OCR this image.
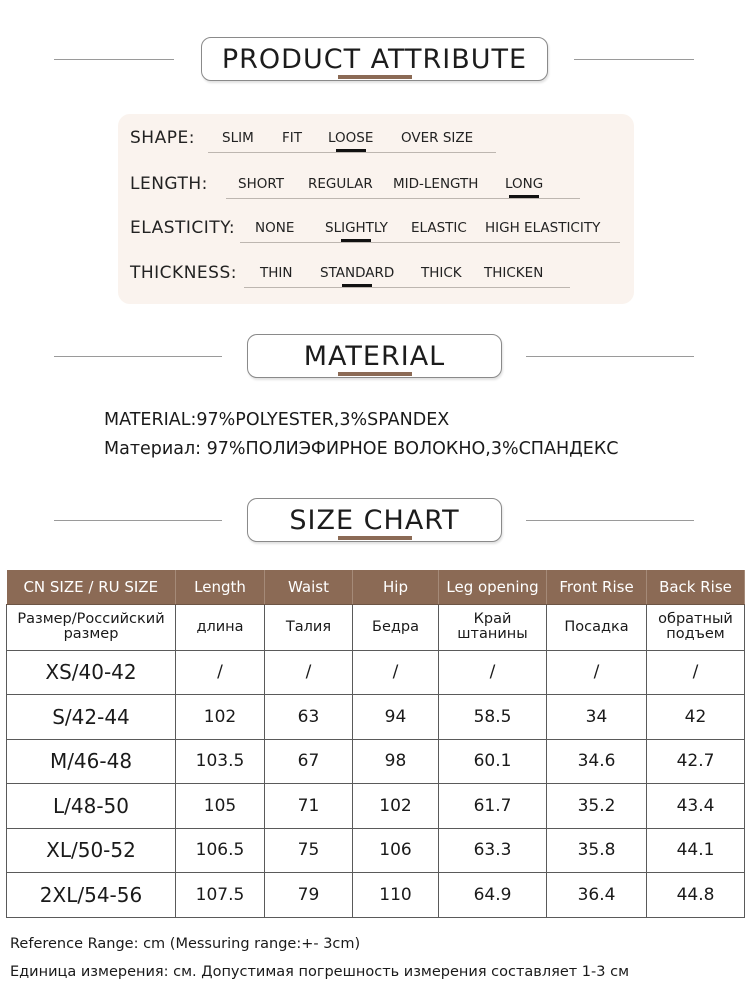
PRODUCT ATTRIBUTE
SHAPE: SLIM FIT LOOSE OVER SIZE
LENGTH: SHORT REGULAR MID-LENGTH LONG
ELASTICITY: NONE SLIGHTLY ELASTIC HIGH ELASTICITY
THICKNESS: THIN STANDARD THICK THICKEN
MATERIAL
MATERIAL:97%POLYESTER,3%SPANDEX
Материал: 97%ПОЛИЭФИРНОЕ ВОЛОКНО,3%СПАНДЕКС
SIZE CHART
CN SIZE / RU SIZE	Length	Waist	Hip	Leg opening	Front Rise	Back Rise
Размер/Российский размер	длина	Талия	Бедра	Край штанины	Посадка	обратный подъем
XS/40-42	/	/	/	/	/	/
S/42-44	102	63	94	58.5	34	42
M/46-48	103.5	67	98	60.1	34.6	42.7
L/48-50	105	71	102	61.7	35.2	43.4
XL/50-52	106.5	75	106	63.3	35.8	44.1
2XL/54-56	107.5	79	110	64.9	36.4	44.8
Reference Range: cm (Messuring range:+- 3cm)
Единица измерения: см. Допустимая погрешность измерения составляет 1-3 см
